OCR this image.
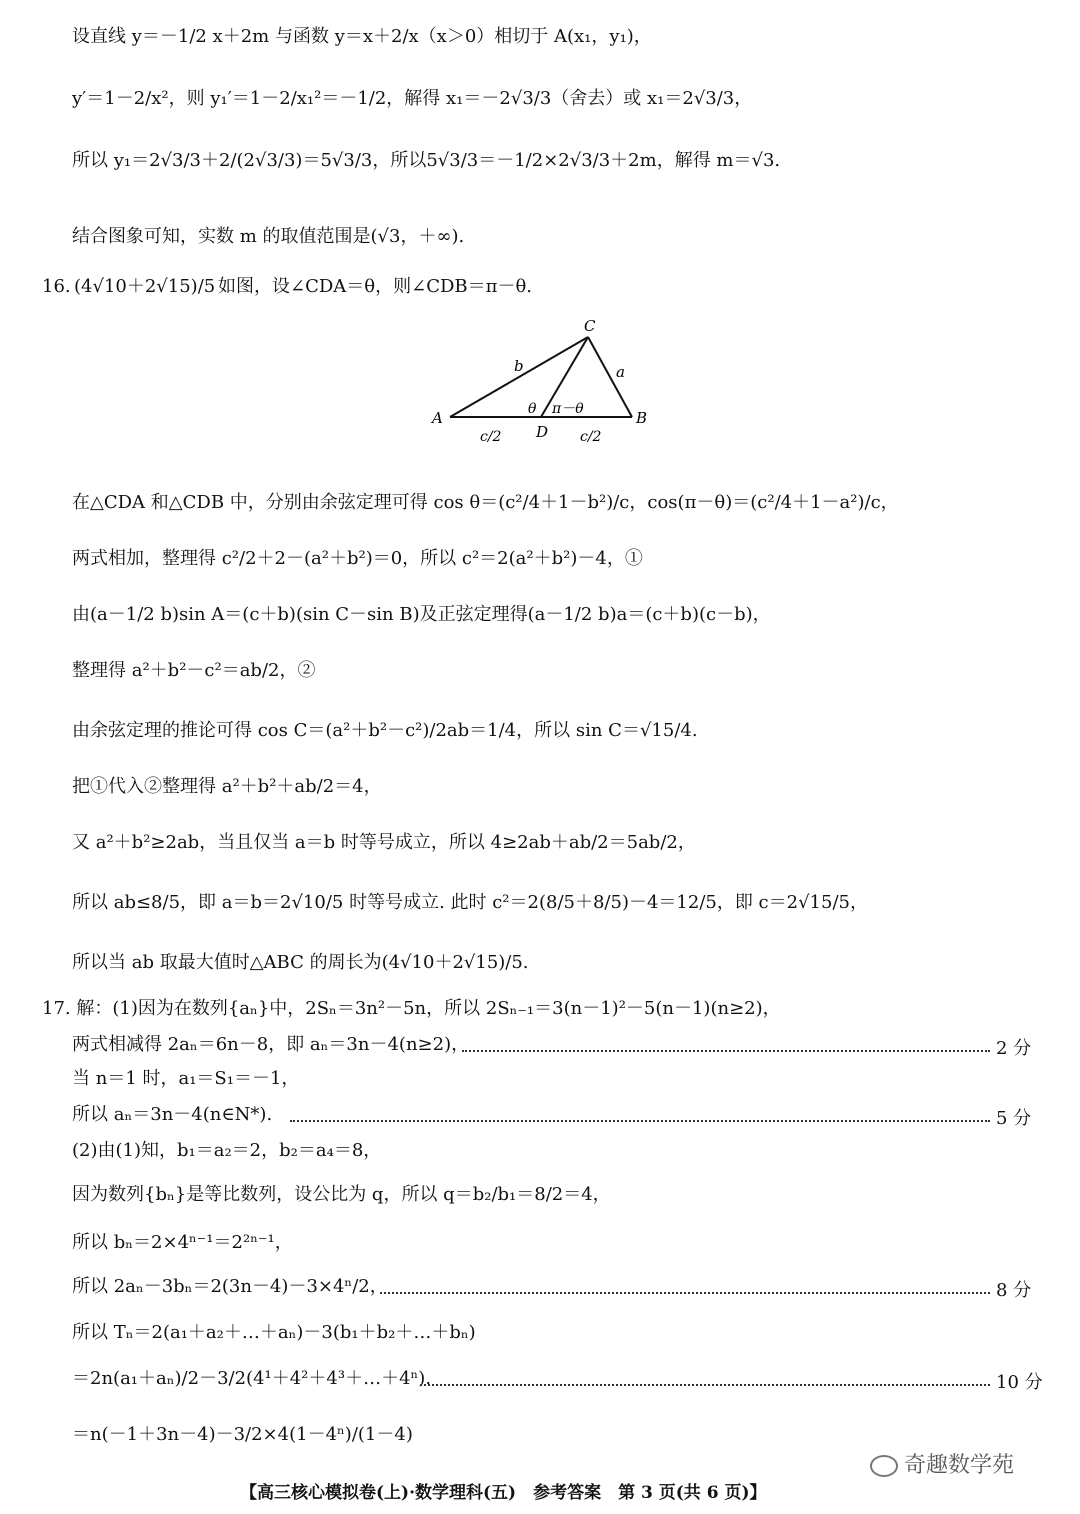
设直线 y＝－1/2 x＋2m 与函数 y＝x＋2/x（x＞0）相切于 A(x₁，y₁)，
y′＝1－2/x²，则 y₁′＝1－2/x₁²＝－1/2，解得 x₁＝－2√3/3（舍去）或 x₁＝2√3/3，
所以 y₁＝2√3/3＋2/(2√3/3)＝5√3/3，所以5√3/3＝－1/2×2√3/3＋2m，解得 m＝√3.
结合图象可知，实数 m 的取值范围是(√3，＋∞).
16. (4√10＋2√15)/5 如图，设∠CDA＝θ，则∠CDB＝π－θ.
C
A	B
D
b	a
θ π－θ
c/2	c/2
在△CDA 和△CDB 中，分别由余弦定理可得 cos θ＝(c²/4＋1－b²)/c，cos(π－θ)＝(c²/4＋1－a²)/c，
两式相加，整理得 c²/2＋2－(a²＋b²)＝0，所以 c²＝2(a²＋b²)－4，①
由(a－1/2 b)sin A＝(c＋b)(sin C－sin B)及正弦定理得(a－1/2 b)a＝(c＋b)(c－b)，
整理得 a²＋b²－c²＝ab/2，②
由余弦定理的推论可得 cos C＝(a²＋b²－c²)/2ab＝1/4，所以 sin C＝√15/4.
把①代入②整理得 a²＋b²＋ab/2＝4，
又 a²＋b²≥2ab，当且仅当 a＝b 时等号成立，所以 4≥2ab＋ab/2＝5ab/2，
所以 ab≤8/5，即 a＝b＝2√10/5 时等号成立. 此时 c²＝2(8/5＋8/5)－4＝12/5，即 c＝2√15/5，
所以当 ab 取最大值时△ABC 的周长为(4√10＋2√15)/5.
17. 解：(1)因为在数列{aₙ}中，2Sₙ＝3n²－5n，所以 2Sₙ₋₁＝3(n－1)²－5(n－1)(n≥2)，
两式相减得 2aₙ＝6n－8，即 aₙ＝3n－4(n≥2)，	2 分
当 n＝1 时，a₁＝S₁＝－1，
所以 aₙ＝3n－4(n∈N*).	5 分
(2)由(1)知，b₁＝a₂＝2，b₂＝a₄＝8，
因为数列{bₙ}是等比数列，设公比为 q，所以 q＝b₂/b₁＝8/2＝4，
所以 bₙ＝2×4ⁿ⁻¹＝2²ⁿ⁻¹，
所以 2aₙ－3bₙ＝2(3n－4)－3×4ⁿ/2，	8 分
所以 Tₙ＝2(a₁＋a₂＋…＋aₙ)－3(b₁＋b₂＋…＋bₙ)
＝2n(a₁＋aₙ)/2－3/2(4¹＋4²＋4³＋…＋4ⁿ).	10 分
＝n(－1＋3n－4)－3/2×4(1－4ⁿ)/(1－4)
奇趣数学苑
【高三核心模拟卷(上)·数学理科(五)　参考答案　第 3 页(共 6 页)】
